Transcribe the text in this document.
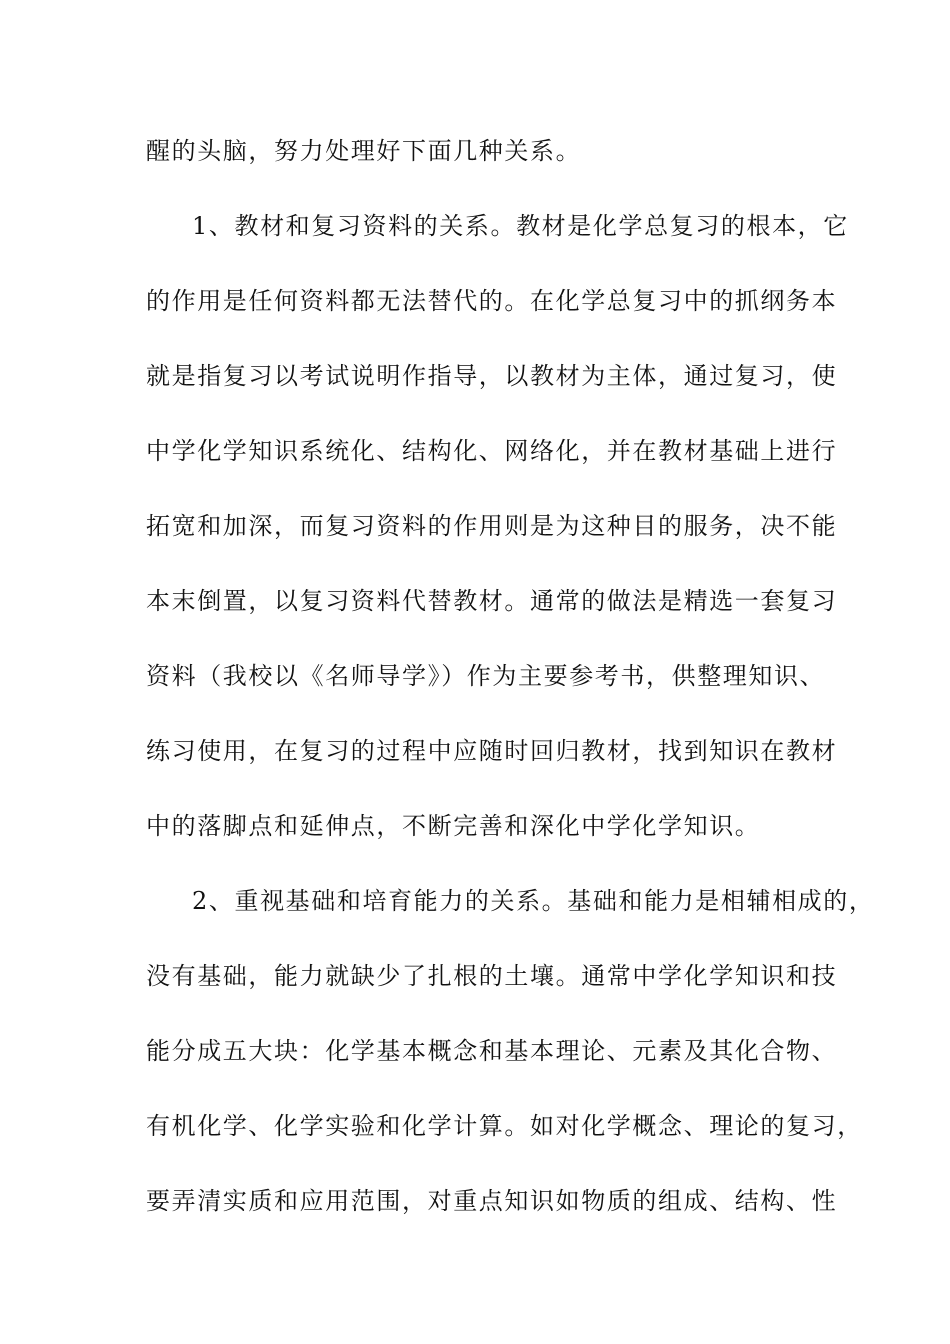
醒的头脑，努力处理好下面几种关系。
1、教材和复习资料的关系。教材是化学总复习的根本，它
的作用是任何资料都无法替代的。在化学总复习中的抓纲务本
就是指复习以考试说明作指导，以教材为主体，通过复习，使
中学化学知识系统化、结构化、网络化，并在教材基础上进行
拓宽和加深，而复习资料的作用则是为这种目的服务，决不能
本末倒置，以复习资料代替教材。通常的做法是精选一套复习
资料（我校以《名师导学》）作为主要参考书，供整理知识、
练习使用，在复习的过程中应随时回归教材，找到知识在教材
中的落脚点和延伸点，不断完善和深化中学化学知识。
2、重视基础和培育能力的关系。基础和能力是相辅相成的，
没有基础，能力就缺少了扎根的土壤。通常中学化学知识和技
能分成五大块：化学基本概念和基本理论、元素及其化合物、
有机化学、化学实验和化学计算。如对化学概念、理论的复习，
要弄清实质和应用范围，对重点知识如物质的组成、结构、性
